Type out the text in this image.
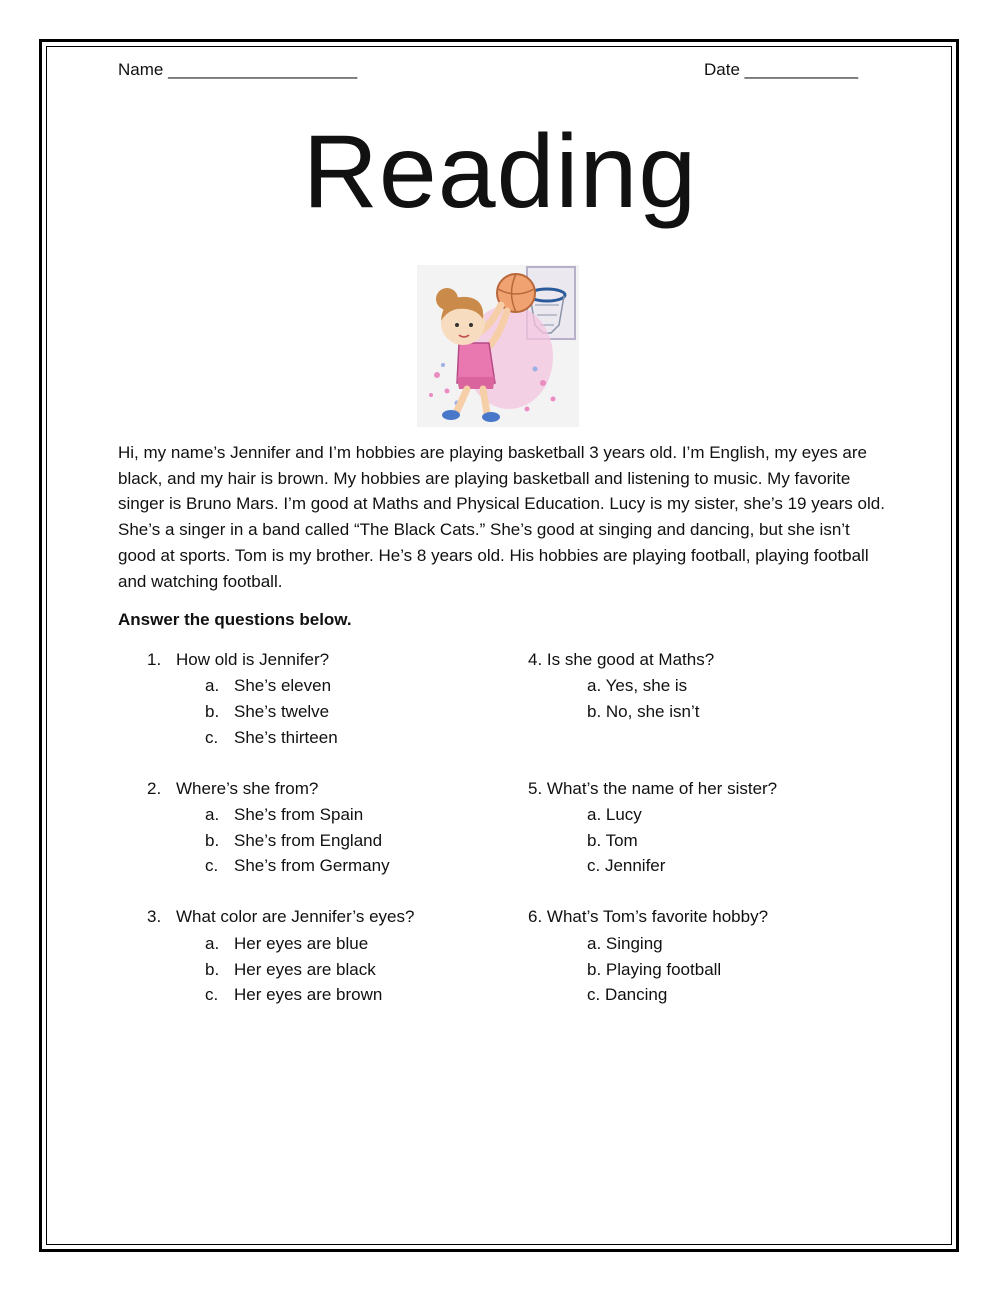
Name ____________________	Date ____________
Reading
Hi, my name’s Jennifer and I’m hobbies are playing basketball 3 years old. I’m English, my eyes are black, and my hair is brown. My hobbies are playing basketball and listening to music. My favorite singer is Bruno Mars. I’m good at Maths and Physical Education. Lucy is my sister, she’s 19 years old. She’s a singer in a band called “The Black Cats.” She’s good at singing and dancing, but she isn’t good at sports. Tom is my brother. He’s 8 years old. His hobbies are playing football, playing football and watching football.
Answer the questions below.
1. How old is Jennifer?
a. She’s eleven
b. She’s twelve
c. She’s thirteen
2. Where’s she from?
a. She’s from Spain
b. She’s from England
c. She’s from Germany
3. What color are Jennifer’s eyes?
a. Her eyes are blue
b. Her eyes are black
c. Her eyes are brown
4. Is she good at Maths?
a. Yes, she is
b. No, she isn’t
5. What’s the name of her sister?
a. Lucy
b. Tom
c. Jennifer
6. What’s Tom’s favorite hobby?
a. Singing
b. Playing football
c. Dancing
